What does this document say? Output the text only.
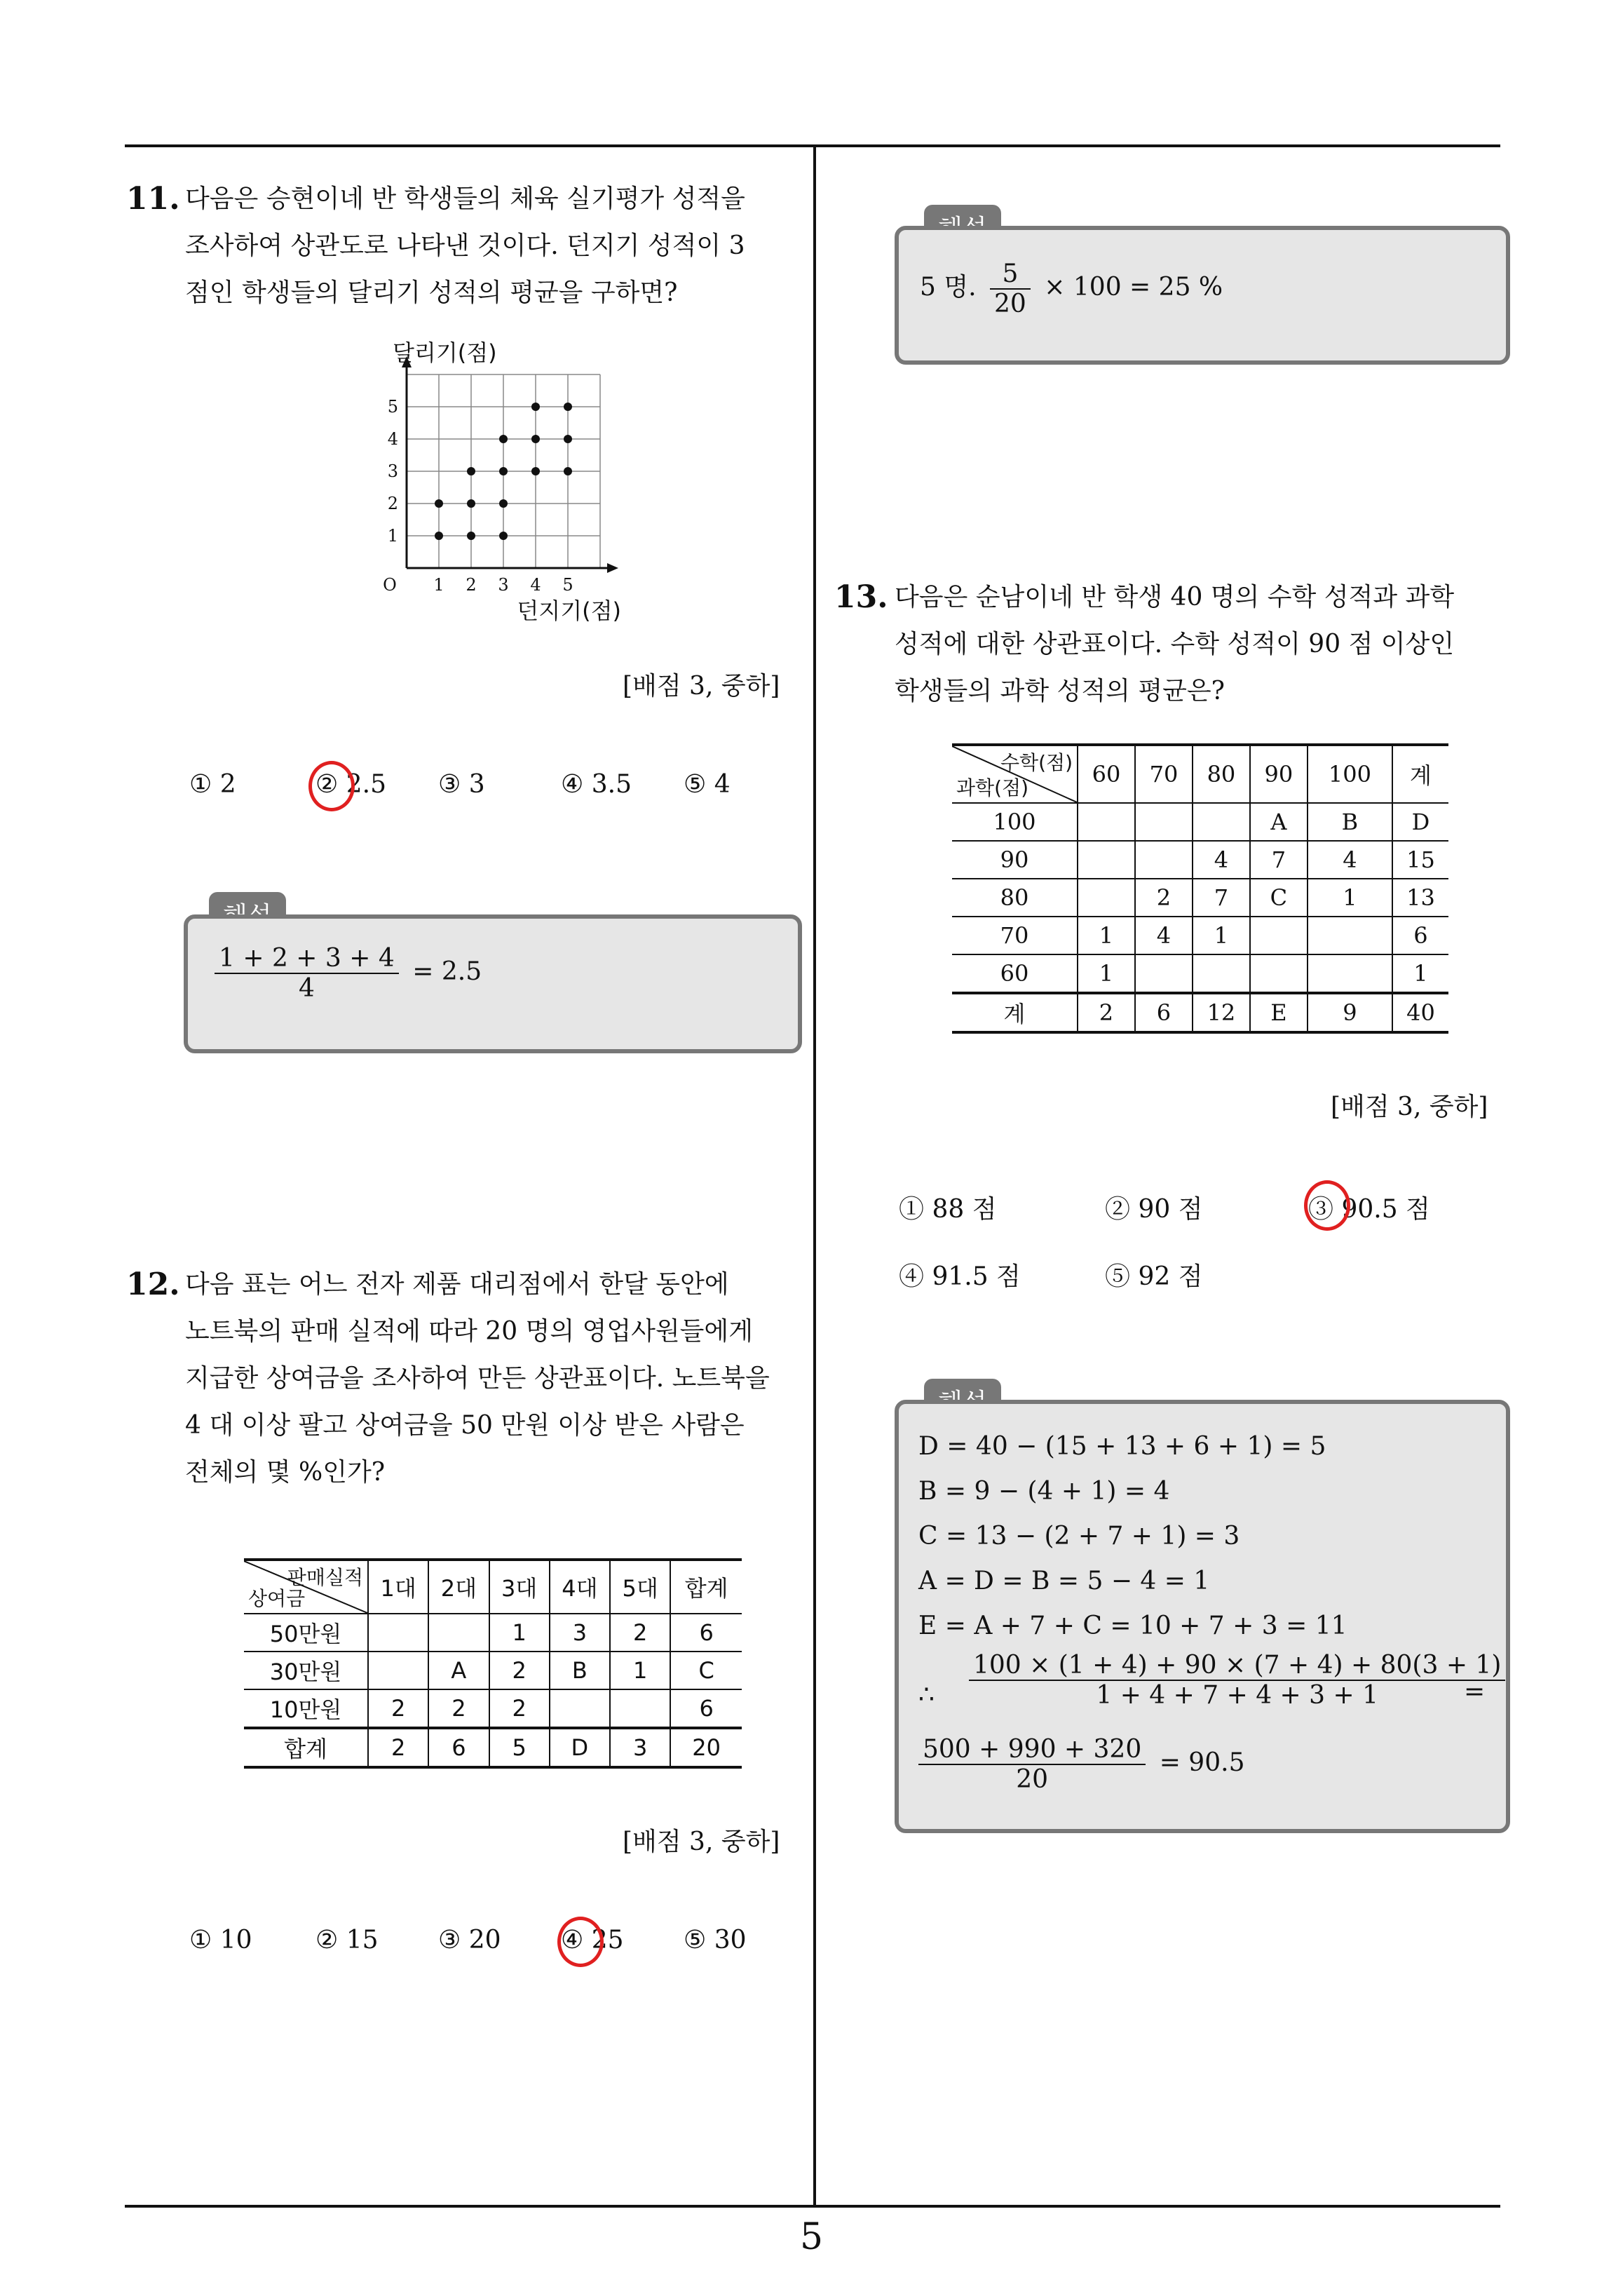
5
11. 다음은 승현이네 반 학생들의 체육 실기평가 성적을
조사하여 상관도로 나타낸 것이다. 던지기 성적이 3
점인 학생들의 달리기 성적의 평균을 구하면?
1 2 3 4 5
1
2
3
4
5
O
달리기(점)
던지기(점)
[배점 3, 중하]
① 2	② 2.5 ③ 3	④ 3.5 ⑤ 4
$\frac{1 + 2 + 3 + 4}{4} = 2.5$
12. 다음 표는 어느 전자 제품 대리점에서 한달 동안에
노트북의 판매 실적에 따라 20 명의 영업사원들에게
지급한 상여금을 조사하여 만든 상관표이다. 노트북을
4 대 이상 팔고 상여금을 50 만원 이상 받은 사람은
전체의 몇 %인가?
판매실적
상여금	1대	2대	3대	4대	5대	합계
50만원			1	3	2	6
30만원		A	2	B	1	C
10만원	2	2	2			6
합계	2	6	5	D	3	20
[배점 3, 중하]
① 10	② 15 ③ 20 ④ 25 ⑤ 30
5 명. $\frac{5}{20} \times 100 = 25$ %
13. 다음은 순남이네 반 학생 40 명의 수학 성적과 과학
성적에 대한 상관표이다. 수학 성적이 90 점 이상인
학생들의 과학 성적의 평균은?
수학(점)
과학(점)	60	70	80	90	100	계
100				A	B	D
90			4	7	4	15
80		2	7	C	1	13
70	1	4	1			6
60	1					1
계	2	6	12	E	9	40
[배점 3, 중하]
① 88 점	② 90 점	③ 90.5 점
④ 91.5 점	⑤ 92 점
D = 40 − (15 + 13 + 6 + 1) = 5
B = 9 − (4 + 1) = 4
C = 13 − (2 + 7 + 1) = 3
A = D = B = 5 − 4 = 1
E = A + 7 + C = 10 + 7 + 3 = 11
∴ $\frac{100 \times (1 + 4) + 90 \times (7 + 4) + 80(3 + 1)}{1 + 4 + 7 + 4 + 3 + 1}$
=
$\frac{500 + 990 + 320}{20} = 90.5$
